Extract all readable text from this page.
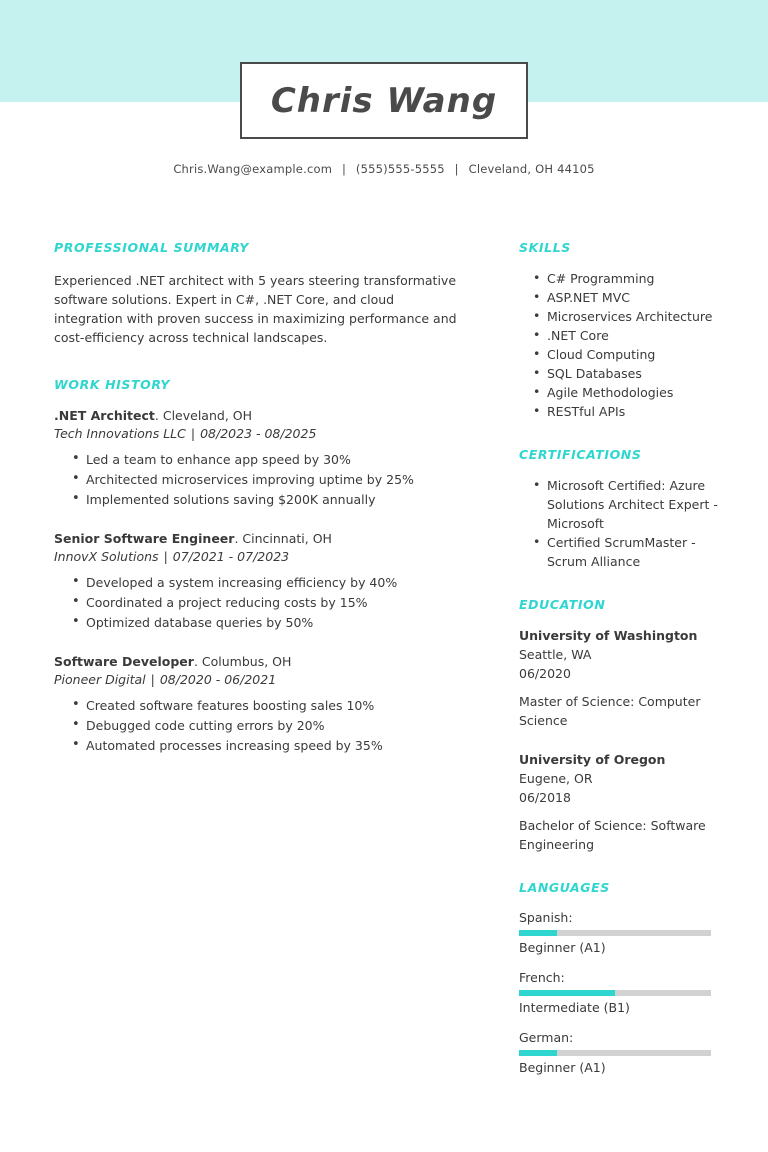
Chris Wang
Chris.Wang@example.com | (555)555-5555 | Cleveland, OH 44105
PROFESSIONAL SUMMARY
Experienced .NET architect with 5 years steering transformative software solutions. Expert in C#, .NET Core, and cloud integration with proven success in maximizing performance and cost-efficiency across technical landscapes.
WORK HISTORY
.NET Architect. Cleveland, OH
Tech Innovations LLC | 08/2023 - 08/2025
• Led a team to enhance app speed by 30%
• Architected microservices improving uptime by 25%
• Implemented solutions saving $200K annually
Senior Software Engineer. Cincinnati, OH
InnovX Solutions | 07/2021 - 07/2023
• Developed a system increasing efficiency by 40%
• Coordinated a project reducing costs by 15%
• Optimized database queries by 50%
Software Developer. Columbus, OH
Pioneer Digital | 08/2020 - 06/2021
• Created software features boosting sales 10%
• Debugged code cutting errors by 20%
• Automated processes increasing speed by 35%
SKILLS
• C# Programming
• ASP.NET MVC
• Microservices Architecture
• .NET Core
• Cloud Computing
• SQL Databases
• Agile Methodologies
• RESTful APIs
CERTIFICATIONS
• Microsoft Certified: Azure Solutions Architect Expert - Microsoft
• Certified ScrumMaster - Scrum Alliance
EDUCATION
University of Washington
Seattle, WA
06/2020
Master of Science: Computer Science
University of Oregon
Eugene, OR
06/2018
Bachelor of Science: Software Engineering
LANGUAGES
Spanish:
Beginner (A1)
French:
Intermediate (B1)
German:
Beginner (A1)
